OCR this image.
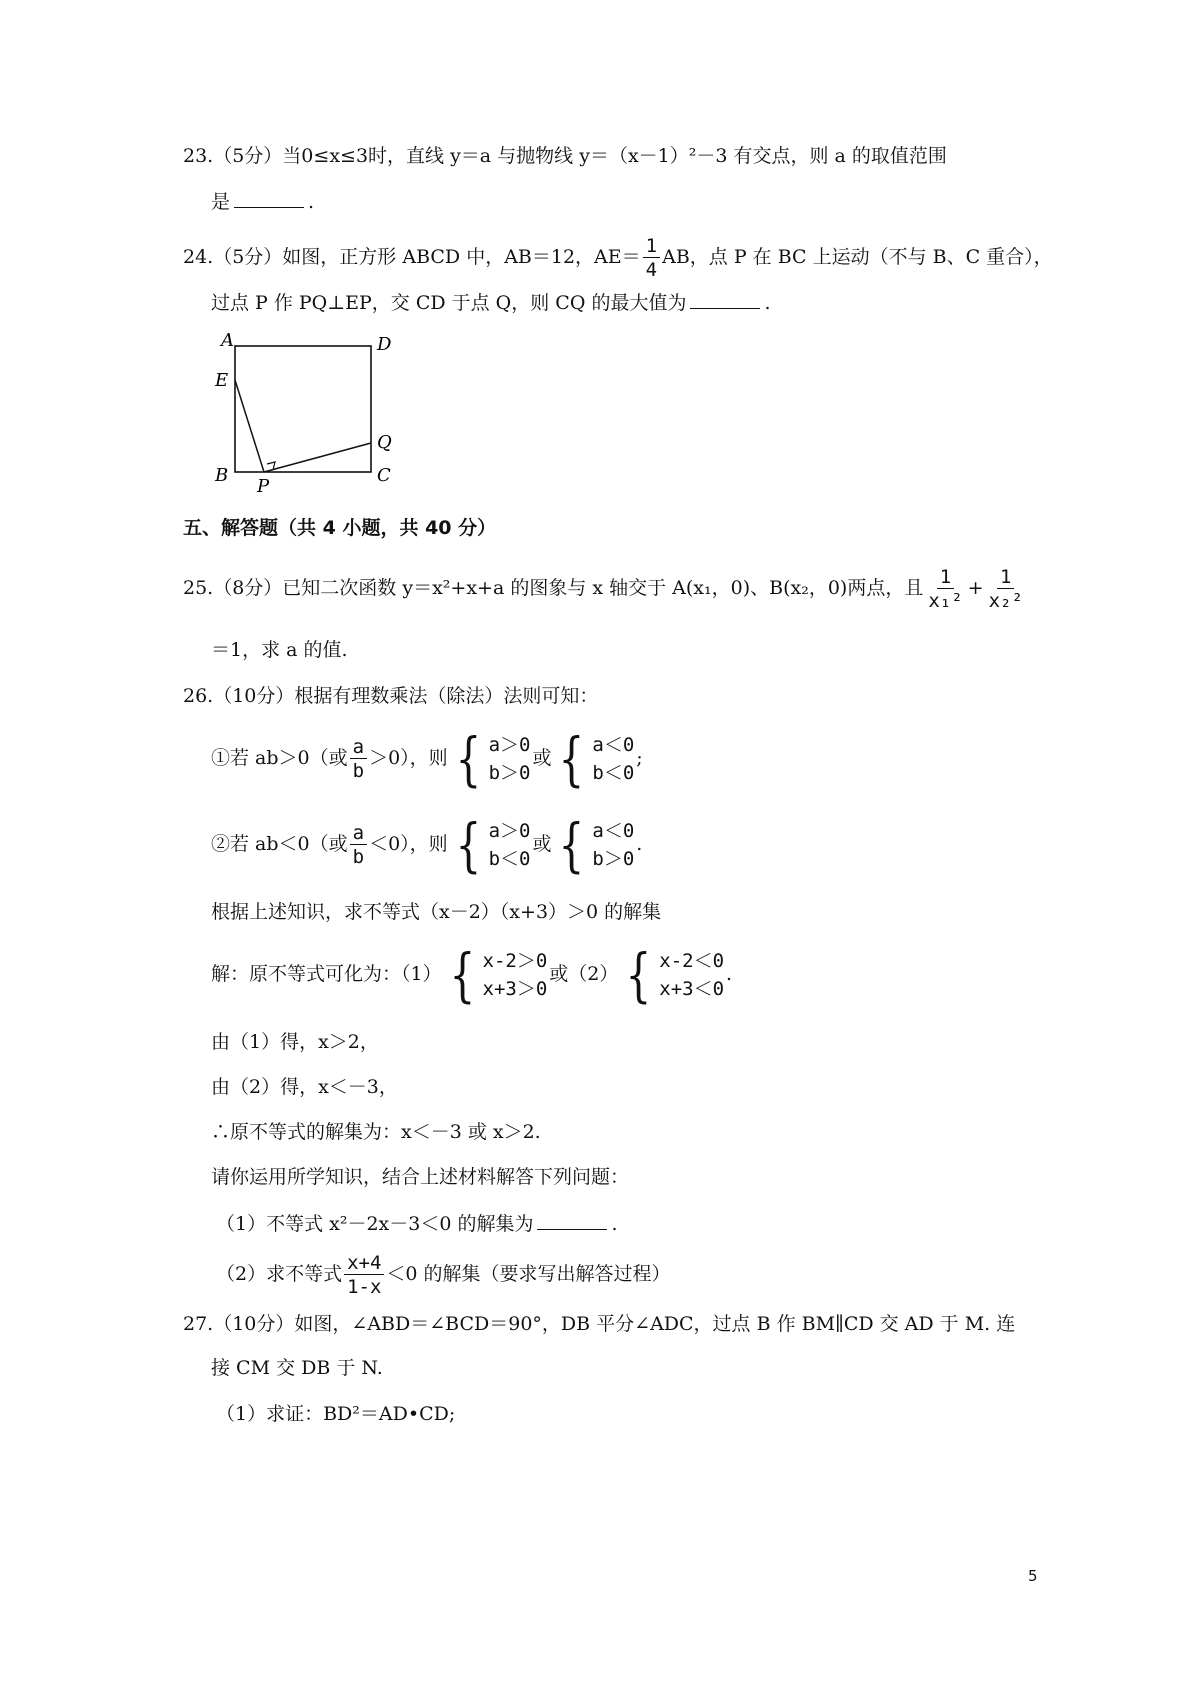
23.（5分）当0≤x≤3时，直线 y＝a 与抛物线 y＝（x－1）²－3 有交点，则 a 的取值范围
是	.
24.（5分）如图，正方形 ABCD 中，AB＝12，$AE= \frac{1}{4}$ AB，点 P 在 BC 上运动（不与 B、C 重合），
过点 P 作 PQ⊥EP，交 CD 于点 Q，则 CQ 的最大值为	.
A	D
E
Q
B
P
C
五、解答题（共 4 小题，共 40 分）
25.（8分）已知二次函数 y＝x²+x+a 的图象与 x 轴交于 A(x₁，0)、B(x₂，0)两点，且 $\frac{1}{\text{x₁²}} + \frac{1}{\text{x₂²}}$
＝1，求 a 的值.
26.（10分）根据有理数乘法（除法）法则可知：
①若 ab＞0（或 $\frac{a}{b} >0$），则 { a＞0
b＞0
或 { a＜0
b＜0
;
②若 ab＜0（或 $\frac{a}{b} <0$），则 { a＞0
b＜0
或 { a＜0
b＞0
.
根据上述知识，求不等式（x－2）（x+3）＞0 的解集
解：原不等式可化为：（1） { x-2＞0
x+3＞0
或（2） { x-2＜0
x+3＜0
.
由（1）得，x＞2，
由（2）得，x＜－3，
∴原不等式的解集为：x＜－3 或 x＞2.
请你运用所学知识，结合上述材料解答下列问题：
（1）不等式 x²－2x－3＜0 的解集为	.
（2）求不等式 $\frac{x+4}{1-x} <0$ 的解集（要求写出解答过程）
27.（10分）如图，∠ABD＝∠BCD＝90°，DB 平分∠ADC，过点 B 作 BM∥CD 交 AD 于 M. 连
接 CM 交 DB 于 N.
（1）求证：BD²＝AD•CD;
5
